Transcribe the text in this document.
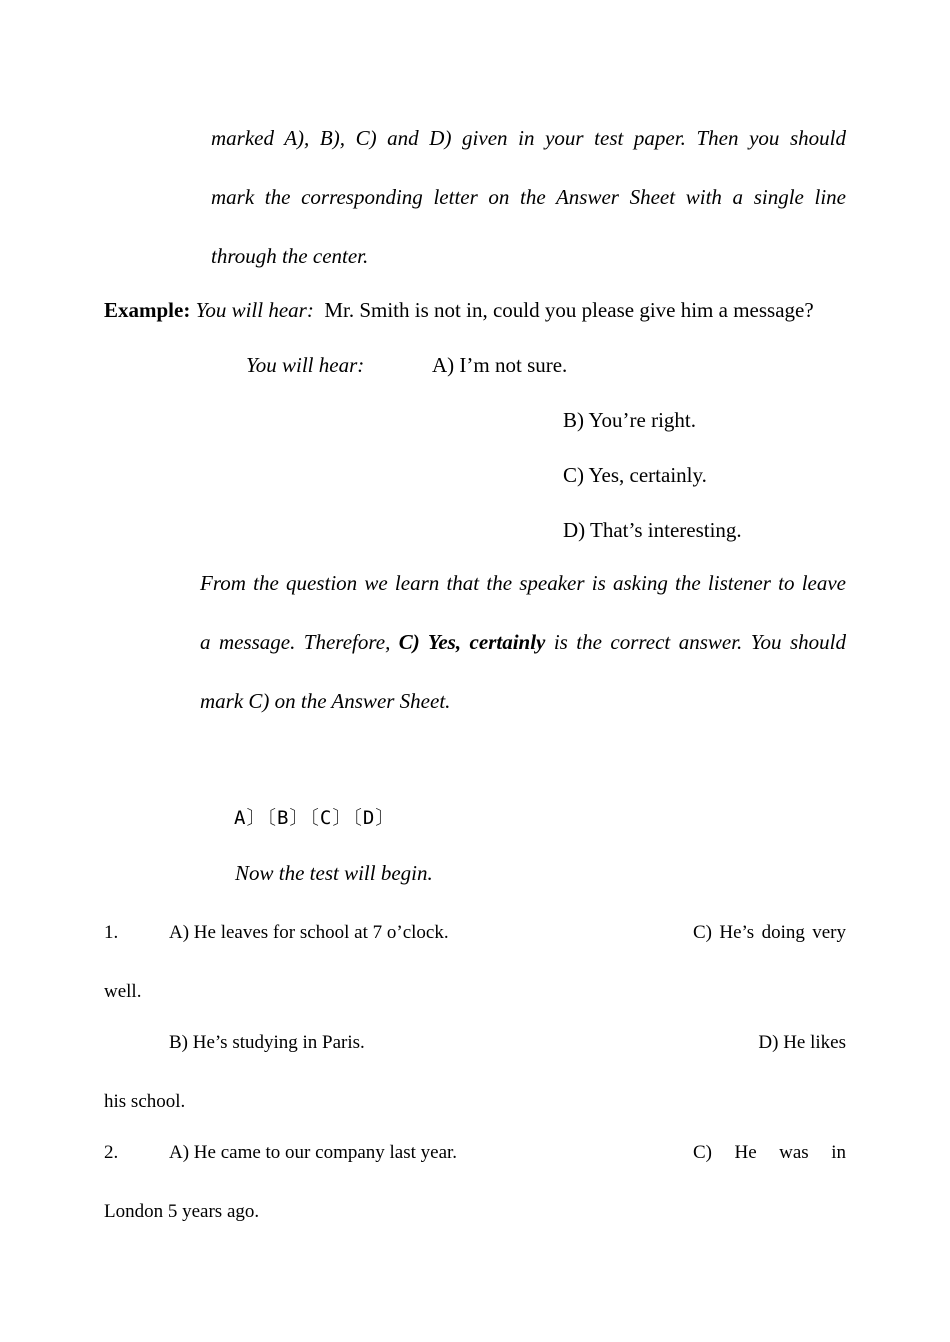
marked A), B), C) and D) given in your test paper. Then you should
mark the corresponding letter on the Answer Sheet with a single line
through the center.
Example: You will hear: Mr. Smith is not in, could you please give him a message?
You will hear:	A) I’m not sure.
B) You’re right.
C) Yes, certainly.
D) That’s interesting.
From the question we learn that the speaker is asking the listener to leave
a message. Therefore, C) Yes, certainly is the correct answer. You should
mark C) on the Answer Sheet.
A〕〔B〕〔C〕〔D〕
Now the test will begin.
1.	A) He leaves for school at 7 o’clock.	C) He’s doing very
well.
B) He’s studying in Paris.	D) He likes
his school.
2.	A) He came to our company last year.	C) He was in
London 5 years ago.
